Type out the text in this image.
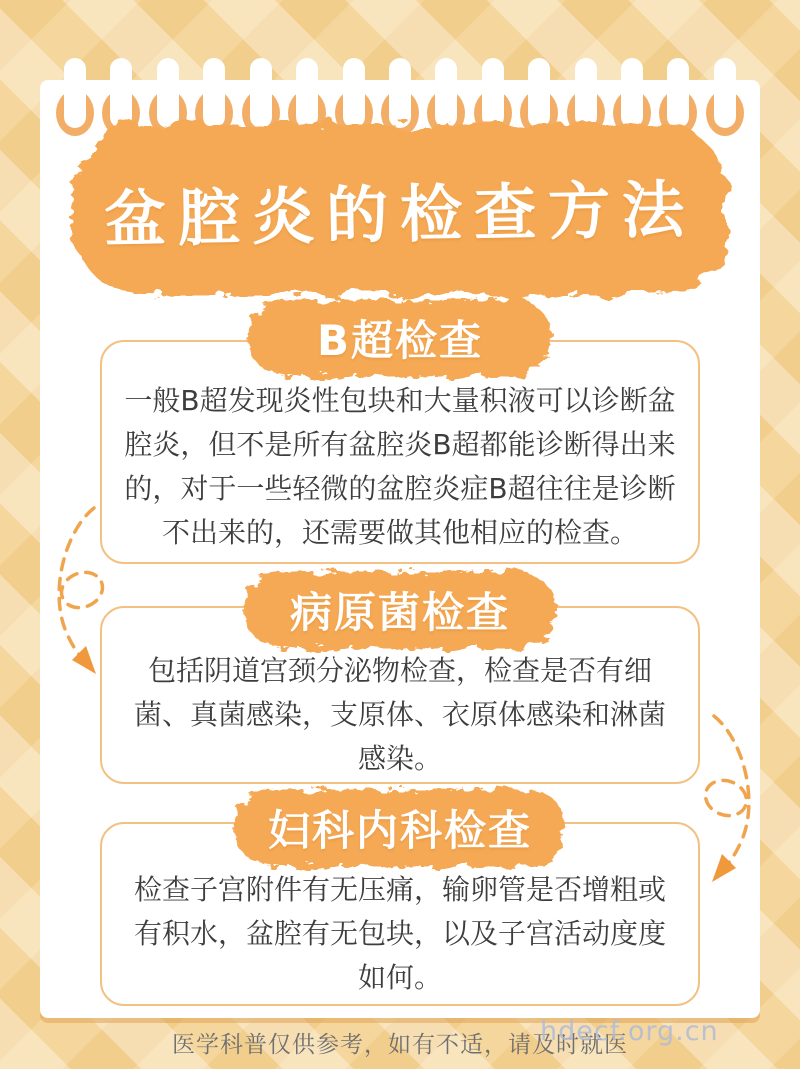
盆腔炎的检查方法
B超检查
一般B超发现炎性包块和大量积液可以诊断盆
腔炎，但不是所有盆腔炎B超都能诊断得出来
的，对于一些轻微的盆腔炎症B超往往是诊断
不出来的，还需要做其他相应的检查。
病原菌检查
包括阴道宫颈分泌物检查，检查是否有细
菌、真菌感染，支原体、衣原体感染和淋菌
感染。
妇科内科检查
检查子宫附件有无压痛，输卵管是否增粗或
有积水，盆腔有无包块，以及子宫活动度度
如何。
医学科普仅供参考，如有不适，请及时就医
hdecf.org.cn
